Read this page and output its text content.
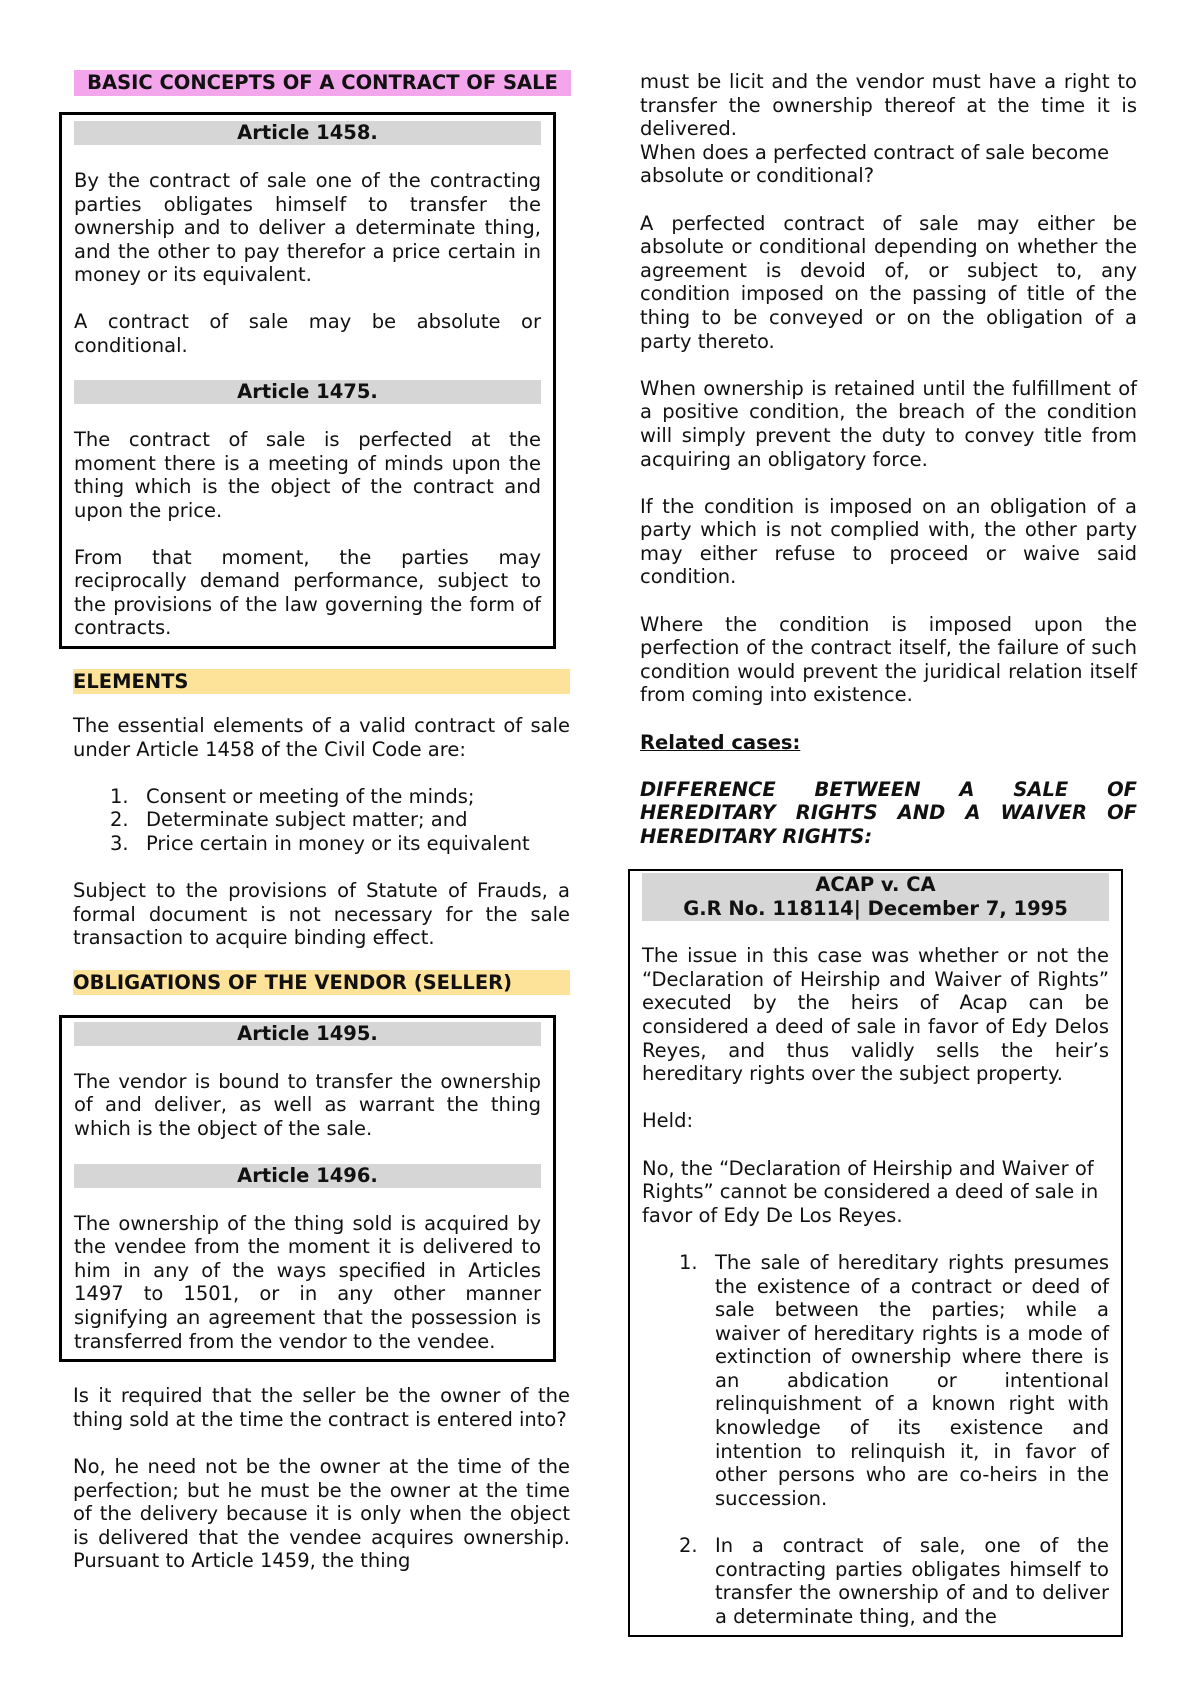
BASIC CONCEPTS OF A CONTRACT OF SALE
Article 1458.

By the contract of sale one of the contracting parties obligates himself to transfer the ownership and to deliver a determinate thing, and the other to pay therefor a price certain in money or its equivalent.

A contract of sale may be absolute or conditional.

Article 1475.

The contract of sale is perfected at the moment there is a meeting of minds upon the thing which is the object of the contract and upon the price.

From that moment, the parties may reciprocally demand performance, subject to the provisions of the law governing the form of contracts.

ELEMENTS

The essential elements of a valid contract of sale under Article 1458 of the Civil Code are:

1. Consent or meeting of the minds;
2. Determinate subject matter; and
3. Price certain in money or its equivalent

Subject to the provisions of Statute of Frauds, a formal document is not necessary for the sale transaction to acquire binding effect.

OBLIGATIONS OF THE VENDOR (SELLER)
Article 1495.

The vendor is bound to transfer the ownership of and deliver, as well as warrant the thing which is the object of the sale.

Article 1496.

The ownership of the thing sold is acquired by the vendee from the moment it is delivered to him in any of the ways specified in Articles 1497 to 1501, or in any other manner signifying an agreement that the possession is transferred from the vendor to the vendee.

Is it required that the seller be the owner of the thing sold at the time the contract is entered into?

No, he need not be the owner at the time of the perfection; but he must be the owner at the time of the delivery because it is only when the object is delivered that the vendee acquires ownership. Pursuant to Article 1459, the thing

must be licit and the vendor must have a right to transfer the ownership thereof at the time it is delivered.

When does a perfected contract of sale become absolute or conditional?

A perfected contract of sale may either be absolute or conditional depending on whether the agreement is devoid of, or subject to, any condition imposed on the passing of title of the thing to be conveyed or on the obligation of a party thereto.

When ownership is retained until the fulfillment of a positive condition, the breach of the condition will simply prevent the duty to convey title from acquiring an obligatory force.

If the condition is imposed on an obligation of a party which is not complied with, the other party may either refuse to proceed or waive said condition.

Where the condition is imposed upon the perfection of the contract itself, the failure of such condition would prevent the juridical relation itself from coming into existence.

Related cases:

DIFFERENCE BETWEEN A SALE OF HEREDITARY RIGHTS AND A WAIVER OF HEREDITARY RIGHTS:

ACAP v. CA
G.R No. 118114| December 7, 1995

The issue in this case was whether or not the “Declaration of Heirship and Waiver of Rights” executed by the heirs of Acap can be considered a deed of sale in favor of Edy Delos Reyes, and thus validly sells the heir’s hereditary rights over the subject property.

Held:

No, the “Declaration of Heirship and Waiver of Rights” cannot be considered a deed of sale in favor of Edy De Los Reyes.

1. The sale of hereditary rights presumes the existence of a contract or deed of sale between the parties; while a waiver of hereditary rights is a mode of extinction of ownership where there is an abdication or intentional relinquishment of a known right with knowledge of its existence and intention to relinquish it, in favor of other persons who are co-heirs in the succession.
2. In a contract of sale, one of the contracting parties obligates himself to transfer the ownership of and to deliver a determinate thing, and the
